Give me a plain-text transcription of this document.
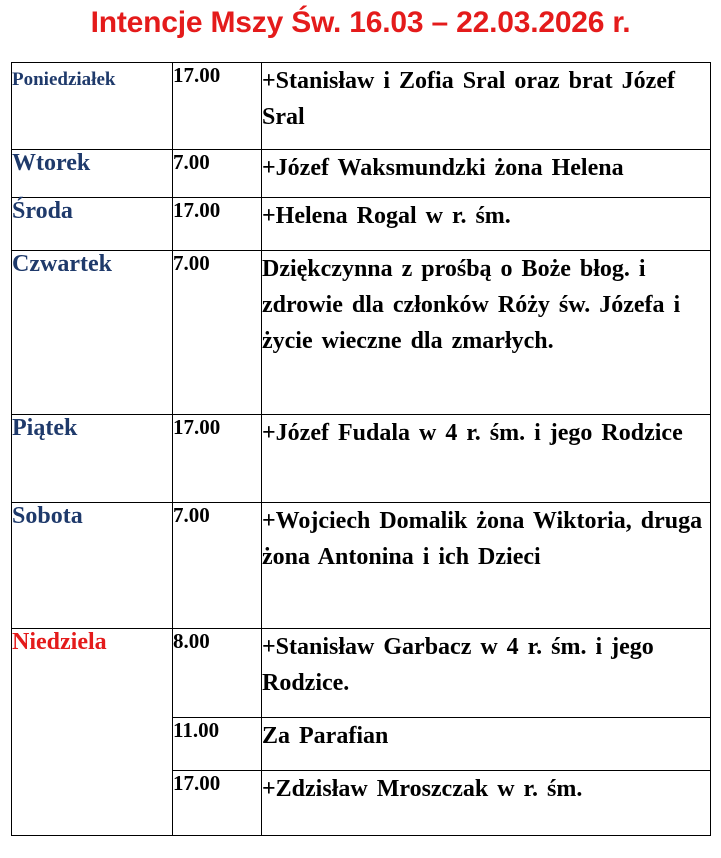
Intencje Mszy Św. 16.03 – 22.03.2026 r.
Poniedziałek	17.00	+Stanisław i Zofia Sral oraz brat Józef Sral
Wtorek	7.00	+Józef Waksmundzki żona Helena
Środa	17.00	+Helena Rogal w r. śm.
Czwartek	7.00	Dziękczynna z prośbą o Boże błog. i zdrowie dla członków Róży św. Józefa i życie wieczne dla zmarłych.
Piątek	17.00	+Józef Fudala w 4 r. śm. i jego Rodzice
Sobota	7.00	+Wojciech Domalik żona Wiktoria, druga żona Antonina i ich Dzieci
Niedziela	8.00	+Stanisław Garbacz w 4 r. śm. i jego Rodzice.
	11.00	Za Parafian
	17.00	+Zdzisław Mroszczak w r. śm.
